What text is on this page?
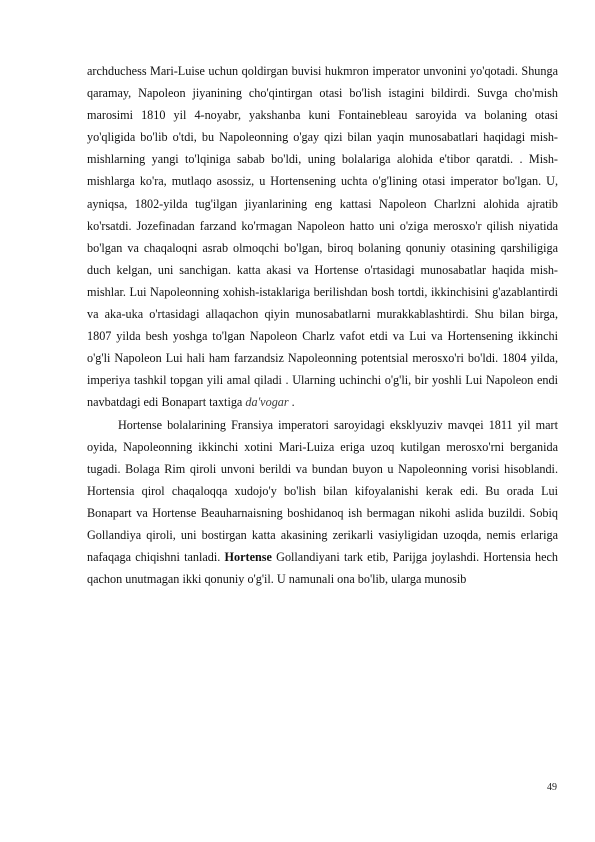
archduchess Mari-Luise uchun qoldirgan buvisi hukmron imperator unvonini yo'qotadi. Shunga qaramay, Napoleon jiyanining cho'qintirgan otasi bo'lish istagini bildirdi. Suvga cho'mish marosimi 1810 yil 4-noyabr, yakshanba kuni Fontainebleau saroyida va bolaning otasi yo'qligida bo'lib o'tdi, bu Napoleonning o'gay qizi bilan yaqin munosabatlari haqidagi mish-mishlarning yangi to'lqiniga sabab bo'ldi, uning bolalariga alohida e'tibor qaratdi. . Mish-mishlarga ko'ra, mutlaqo asossiz, u Hortensening uchta o'g'lining otasi imperator bo'lgan. U, ayniqsa, 1802-yilda tug'ilgan jiyanlarining eng kattasi Napoleon Charlzni alohida ajratib ko'rsatdi. Jozefinadan farzand ko'rmagan Napoleon hatto uni o'ziga merosxo'r qilish niyatida bo'lgan va chaqaloqni asrab olmoqchi bo'lgan, biroq bolaning qonuniy otasining qarshiligiga duch kelgan, uni sanchigan. katta akasi va Hortense o'rtasidagi munosabatlar haqida mish-mishlar. Lui Napoleonning xohish-istaklariga berilishdan bosh tortdi, ikkinchisini g'azablantirdi va aka-uka o'rtasidagi allaqachon qiyin munosabatlarni murakkablashtirdi. Shu bilan birga, 1807 yilda besh yoshga to'lgan Napoleon Charlz vafot etdi va Lui va Hortensening ikkinchi o'g'li Napoleon Lui hali ham farzandsiz Napoleonning potentsial merosxo'ri bo'ldi. 1804 yilda, imperiya tashkil topgan yili amal qiladi . Ularning uchinchi o'g'li, bir yoshli Lui Napoleon endi navbatdagi edi Bonapart taxtiga da'vogar .

Hortense bolalarining Fransiya imperatori saroyidagi eksklyuziv mavqei 1811 yil mart oyida, Napoleonning ikkinchi xotini Mari-Luiza eriga uzoq kutilgan merosxo'rni berganida tugadi. Bolaga Rim qiroli unvoni berildi va bundan buyon u Napoleonning vorisi hisoblandi. Hortensia qirol chaqaloqqa xudojo'y bo'lish bilan kifoyalanishi kerak edi. Bu orada Lui Bonapart va Hortense Beauharnaisning boshidanoq ish bermagan nikohi aslida buzildi. Sobiq Gollandiya qiroli, uni bostirgan katta akasining zerikarli vasiyligidan uzoqda, nemis erlariga nafaqaga chiqishni tanladi. Hortense Gollandiyani tark etib, Parijga joylashdi. Hortensia hech qachon unutmagan ikki qonuniy o'g'il. U namunali ona bo'lib, ularga munosib

49
